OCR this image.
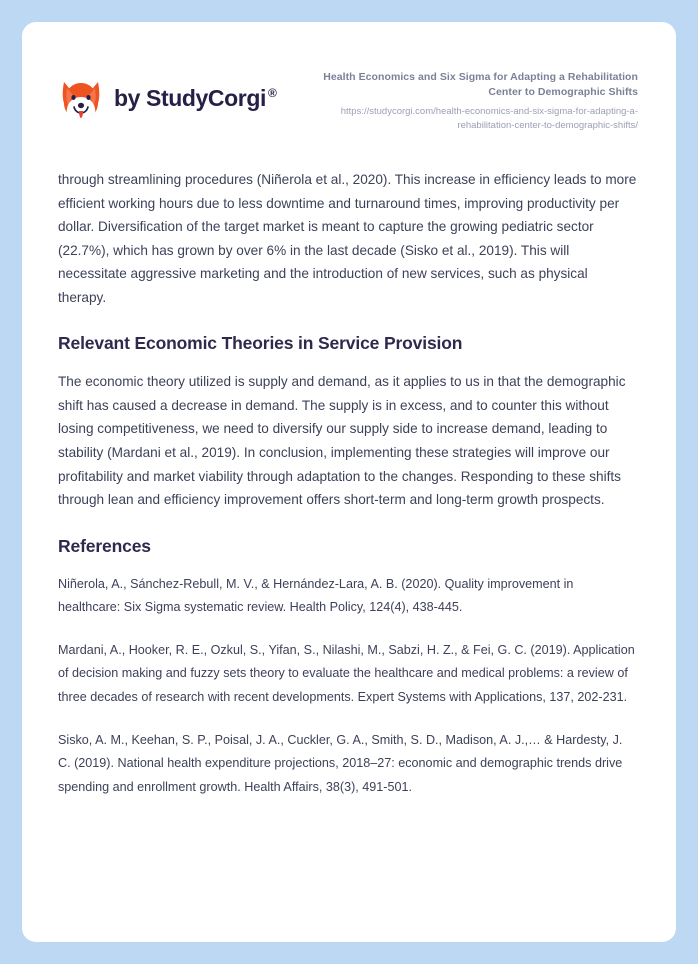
by StudyCorgi ®
Health Economics and Six Sigma for Adapting a Rehabilitation Center to Demographic Shifts
https://studycorgi.com/health-economics-and-six-sigma-for-adapting-a-rehabilitation-center-to-demographic-shifts/

through streamlining procedures (Niñerola et al., 2020). This increase in efficiency leads to more efficient working hours due to less downtime and turnaround times, improving productivity per dollar. Diversification of the target market is meant to capture the growing pediatric sector (22.7%), which has grown by over 6% in the last decade (Sisko et al., 2019). This will necessitate aggressive marketing and the introduction of new services, such as physical therapy.

Relevant Economic Theories in Service Provision

The economic theory utilized is supply and demand, as it applies to us in that the demographic shift has caused a decrease in demand. The supply is in excess, and to counter this without losing competitiveness, we need to diversify our supply side to increase demand, leading to stability (Mardani et al., 2019). In conclusion, implementing these strategies will improve our profitability and market viability through adaptation to the changes. Responding to these shifts through lean and efficiency improvement offers short-term and long-term growth prospects.

References

Niñerola, A., Sánchez-Rebull, M. V., & Hernández-Lara, A. B. (2020). Quality improvement in healthcare: Six Sigma systematic review. Health Policy, 124(4), 438-445.

Mardani, A., Hooker, R. E., Ozkul, S., Yifan, S., Nilashi, M., Sabzi, H. Z., & Fei, G. C. (2019). Application of decision making and fuzzy sets theory to evaluate the healthcare and medical problems: a review of three decades of research with recent developments. Expert Systems with Applications, 137, 202-231.

Sisko, A. M., Keehan, S. P., Poisal, J. A., Cuckler, G. A., Smith, S. D., Madison, A. J.,… & Hardesty, J. C. (2019). National health expenditure projections, 2018–27: economic and demographic trends drive spending and enrollment growth. Health Affairs, 38(3), 491-501.
